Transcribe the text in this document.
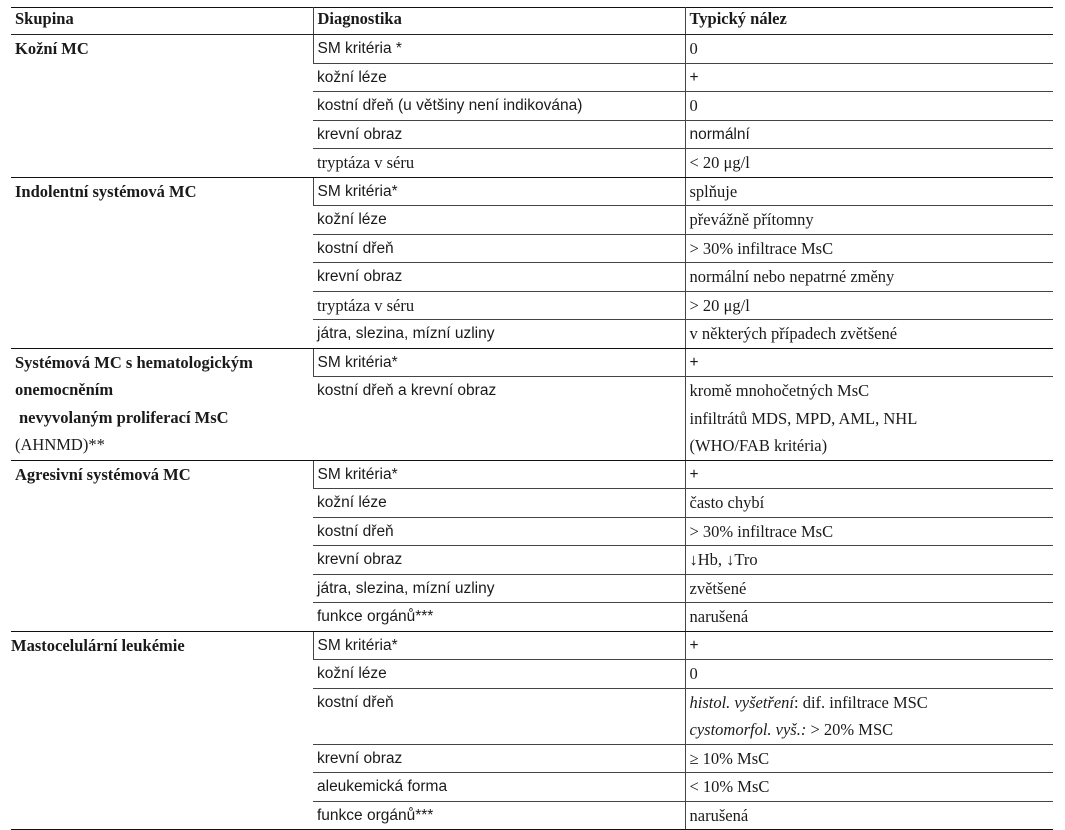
Skupina	Diagnostika	Typický nález
Kožní MC	SM kritéria *	0
	kožní léze	+
	kostní dřeň (u většiny není indikována)	0
	krevní obraz	normální
	tryptáza v séru	< 20 μg/l
Indolentní systémová MC	SM kritéria*	splňuje
	kožní léze	převážně přítomny
	kostní dřeň	> 30% infiltrace MsC
	krevní obraz	normální nebo nepatrné změny
	tryptáza v séru	> 20 μg/l
	játra, slezina, mízní uzliny	v některých případech zvětšené

Systémová MC s hematologickým
onemocněním
nevyvolaným proliferací MsC
(AHNMD)**	SM kritéria*	+
	kostní dřeň a krevní obraz	kromě mnohočetných MsC
infiltrátů MDS, MPD, AML, NHL
(WHO/FAB kritéria)

Agresivní systémová MC	SM kritéria*	+
	kožní léze	často chybí
	kostní dřeň	> 30% infiltrace MsC
	krevní obraz	↓Hb, ↓Tro
	játra, slezina, mízní uzliny	zvětšené
	funkce orgánů***	narušená
Mastocelulární leukémie	SM kritéria*	+
	kožní léze	0
	kostní dřeň	histol. vyšetření: dif. infiltrace MSC
cystomorfol. vyš.: > 20% MSC

	krevní obraz	≥ 10% MsC
	aleukemická forma	< 10% MsC
	funkce orgánů***	narušená
